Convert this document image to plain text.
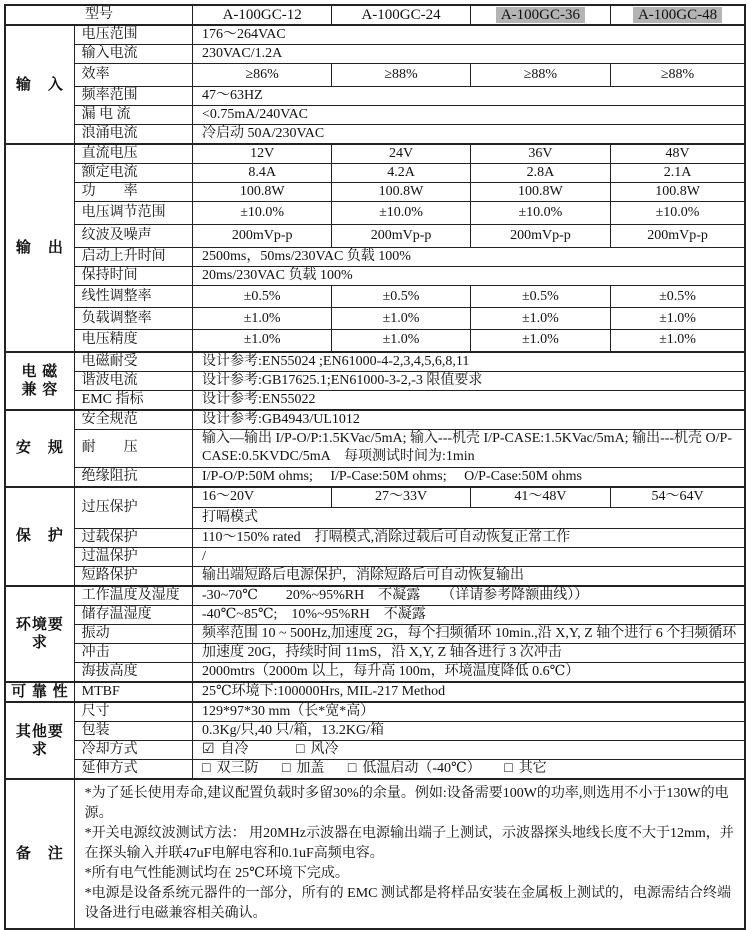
型号		A-100GC-12	A-100GC-24	A-100GC-36	A-100GC-48
输　入	电压范围	176～264VAC			
	输入电流	230VAC/1.2A			
	效率	≥86%	≥88%	≥88%	≥88%
	频率范围	47～63HZ			
	漏 电 流	<0.75mA/240VAC			
	浪涌电流	冷启动 50A/230VAC			
输　出	直流电压	12V	24V	36V	48V
	额定电流	8.4A	4.2A	2.8A	2.1A
	功　　率	100.8W	100.8W	100.8W	100.8W
	电压调节范围	±10.0%	±10.0%	±10.0%	±10.0%
	纹波及噪声	200mVp-p	200mVp-p	200mVp-p	200mVp-p
	启动上升时间	2500ms，50ms/230VAC 负载 100%			
	保持时间	20ms/230VAC 负载 100%			
	线性调整率	±0.5%	±0.5%	±0.5%	±0.5%
	负载调整率	±1.0%	±1.0%	±1.0%	±1.0%
	电压精度	±1.0%	±1.0%	±1.0%	±1.0%

电 磁
兼 容	电磁耐受	设计参考:EN55024 ;EN61000-4-2,3,4,5,6,8,11			
	谐波电流	设计参考:GB17625.1;EN61000-3-2,-3 限值要求			
	EMC 指标	设计参考:EN55022			
安　规	安全规范	设计参考:GB4943/UL1012			
	耐　　压	输入—输出 I/P-O/P:1.5KVac/5mA; 输入---机壳 I/P-CASE:1.5KVac/5mA; 输出---机壳 O/P-CASE:0.5KVDC/5mA　每项测试时间为:1min			
	绝缘阻抗	I/P-O/P:50M ohms;　 I/P-Case:50M ohms;　 O/P-Case:50M ohms			
保　护	过压保护	16～20V	27～33V	41～48V	54～64V
		打嗝模式			
	过载保护	110～150% rated　打嗝模式,消除过载后可自动恢复正常工作			
	过温保护	/			
	短路保护	输出端短路后电源保护，消除短路后可自动恢复输出			
环境要求	工作温度及湿度	-30~70℃　　20%~95%RH　不凝露　　（详请参考降额曲线））			
	储存温湿度	-40℃~85℃;　10%~95%RH　不凝露			
	振动	频率范围 10 ~ 500Hz,加速度 2G，每个扫频循环 10min.,沿 X,Y, Z 轴个进行 6 个扫频循环			
	冲击	加速度 20G，持续时间 11mS，沿 X,Y, Z 轴各进行 3 次冲击			
	海拔高度	2000mtrs（2000m 以上，每升高 100m，环境温度降低 0.6℃）			
可 靠 性	MTBF	25℃环境下:100000Hrs, MIL-217 Method			
其他要求	尺寸	129*97*30 mm（长*宽*高）			
	包装	0.3Kg/只,40 只/箱，13.2KG/箱			
	冷却方式	☑ 自冷 □ 风冷			
	延伸方式	□ 双三防 □ 加盖 □ 低温启动（-40℃） □ 其它			
备　注	*为了延长使用寿命,建议配置负载时多留30%的余量。例如:设备需要100W的功率,则选用不小于130W的电源。
*开关电源纹波测试方法： 用20MHz示波器在电源输出端子上测试，示波器探头地线长度不大于12mm，并在探头输入并联47uF电解电容和0.1uF高频电容。
*所有电气性能测试均在 25℃环境下完成。
*电源是设备系统元器件的一部分，所有的 EMC 测试都是将样品安装在金属板上测试的，电源需结合终端设备进行电磁兼容相关确认。				
